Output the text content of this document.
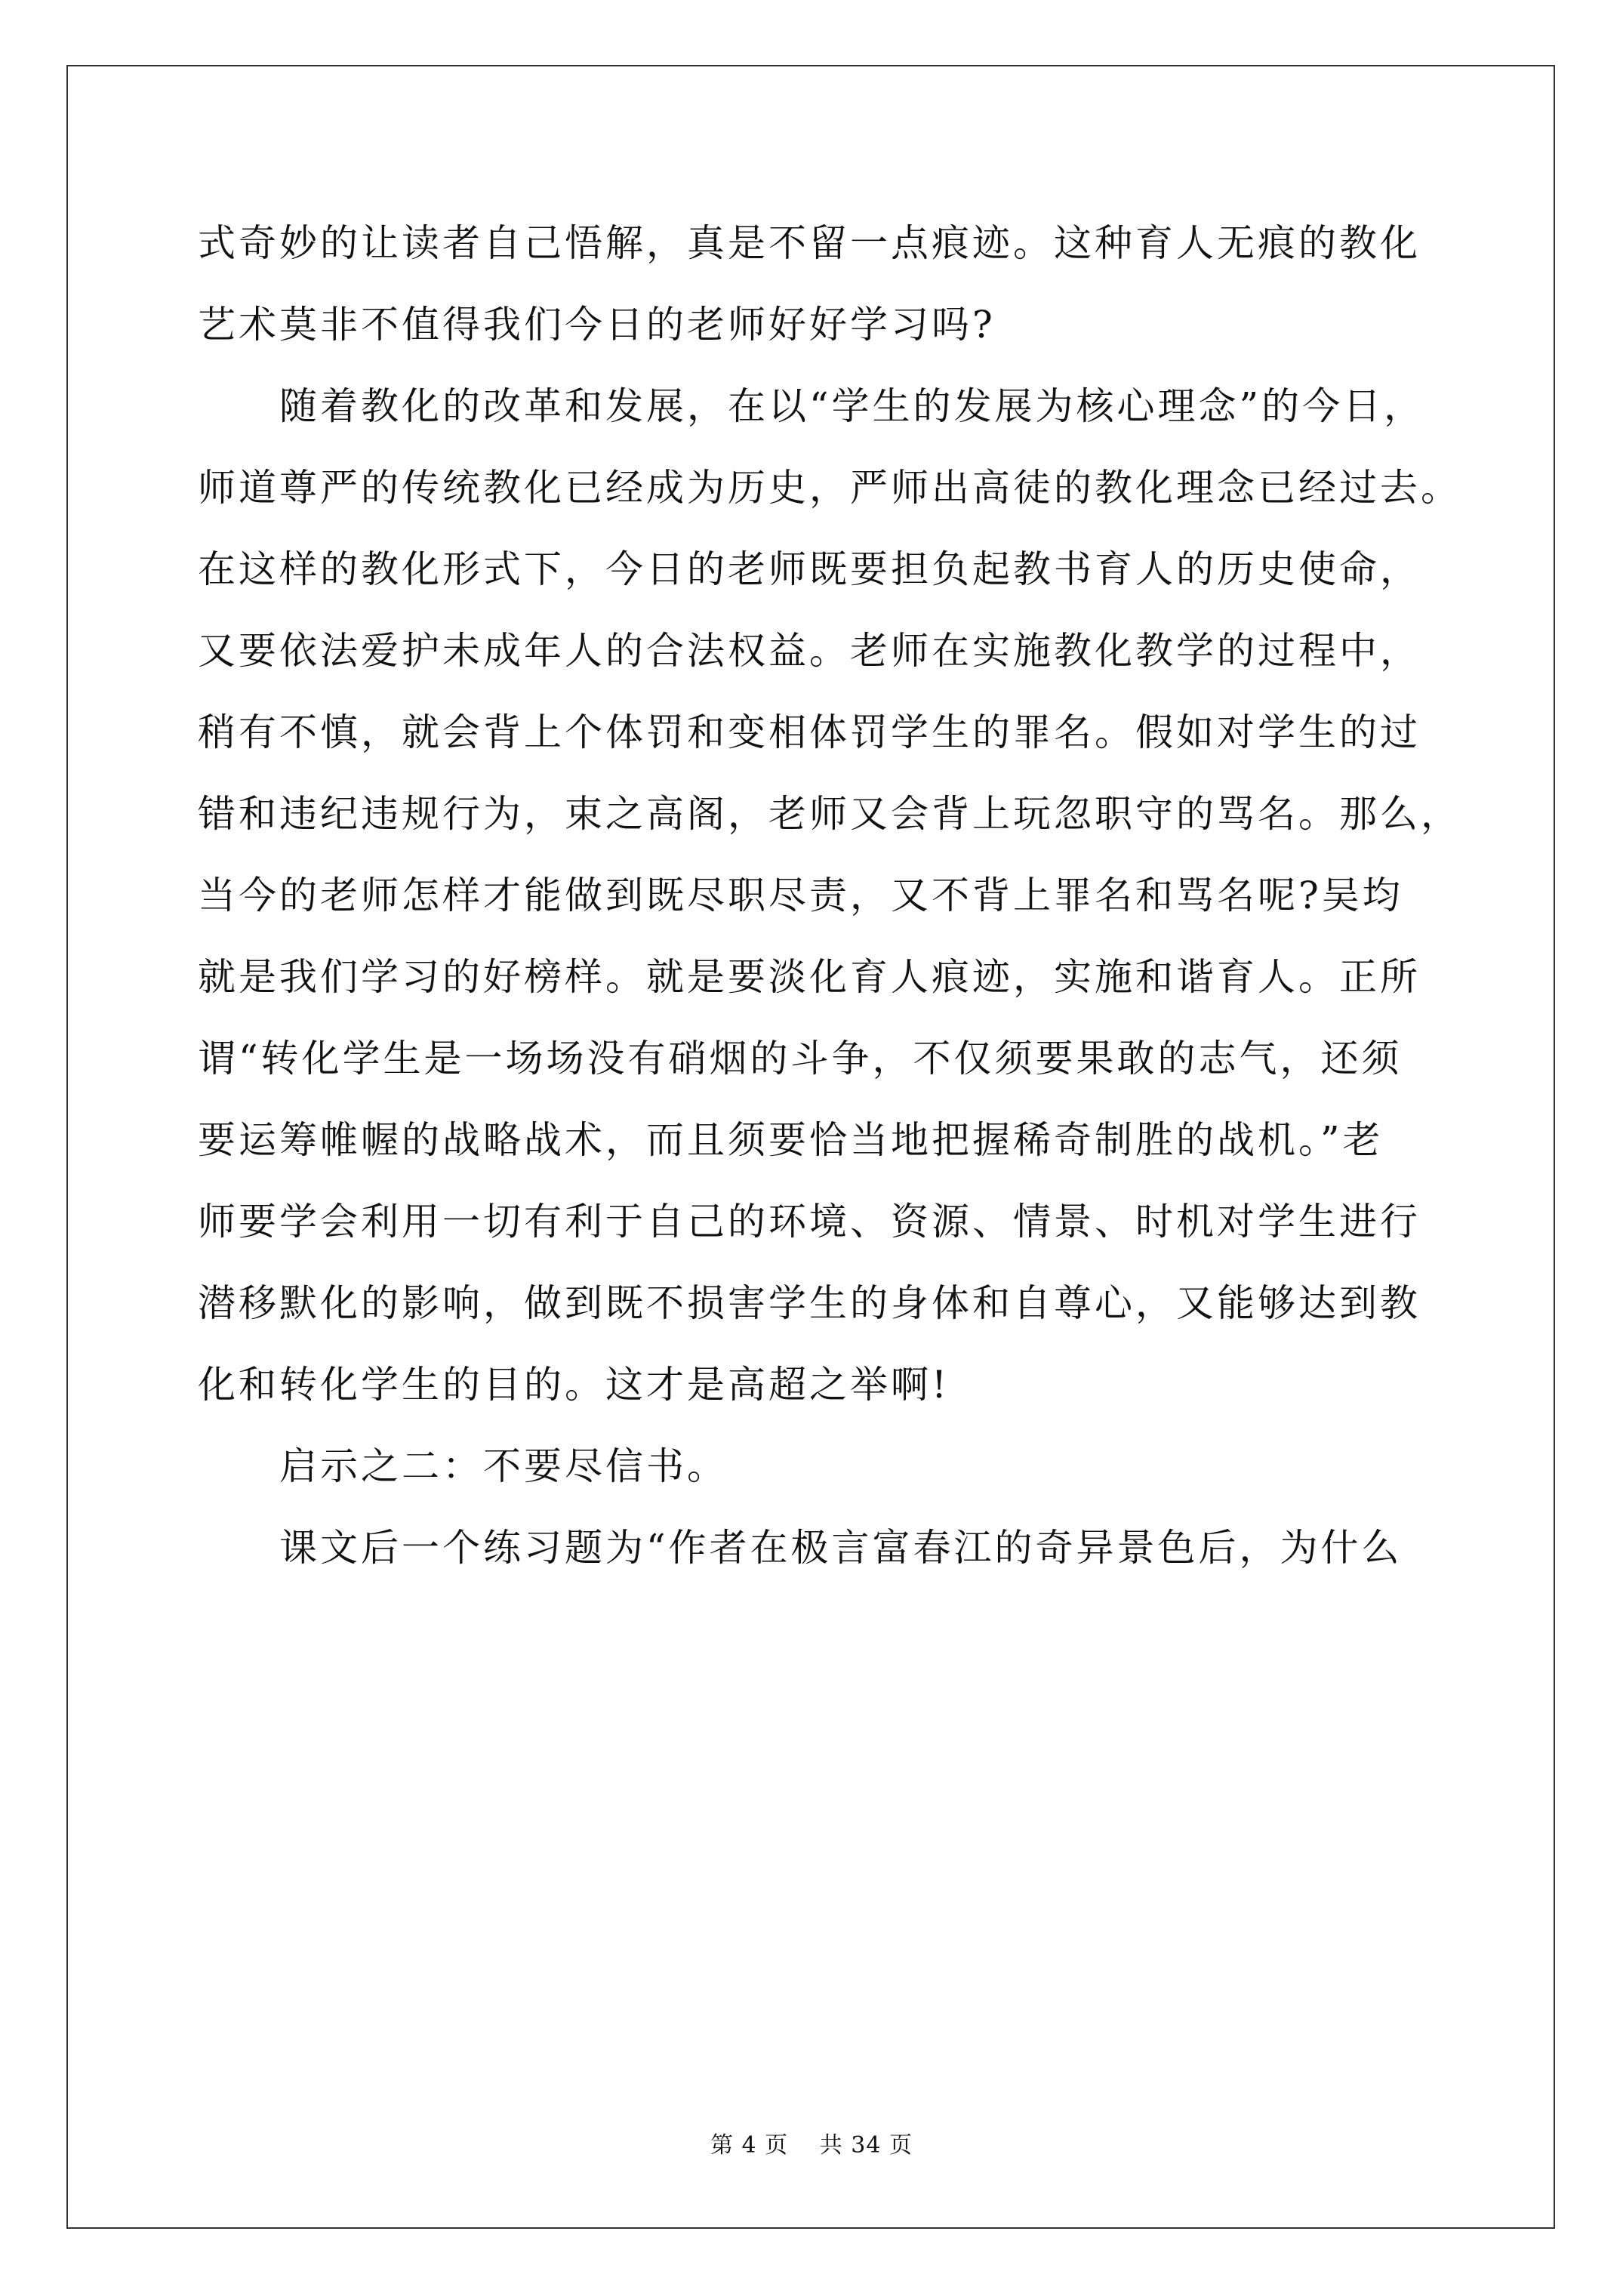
式奇妙的让读者自己悟解，真是不留一点痕迹。这种育人无痕的教化
艺术莫非不值得我们今日的老师好好学习吗?
　　随着教化的改革和发展，在以“学生的发展为核心理念”的今日，
师道尊严的传统教化已经成为历史，严师出高徒的教化理念已经过去。
在这样的教化形式下，今日的老师既要担负起教书育人的历史使命，
又要依法爱护未成年人的合法权益。老师在实施教化教学的过程中，
稍有不慎，就会背上个体罚和变相体罚学生的罪名。假如对学生的过
错和违纪违规行为，束之高阁，老师又会背上玩忽职守的骂名。那么，
当今的老师怎样才能做到既尽职尽责，又不背上罪名和骂名呢?吴均
就是我们学习的好榜样。就是要淡化育人痕迹，实施和谐育人。正所
谓“转化学生是一场场没有硝烟的斗争，不仅须要果敢的志气，还须
要运筹帷幄的战略战术，而且须要恰当地把握稀奇制胜的战机。”老
师要学会利用一切有利于自己的环境、资源、情景、时机对学生进行
潜移默化的影响，做到既不损害学生的身体和自尊心，又能够达到教
化和转化学生的目的。这才是高超之举啊!
　　启示之二：不要尽信书。
　　课文后一个练习题为“作者在极言富春江的奇异景色后，为什么
第 4 页　 共 34 页
